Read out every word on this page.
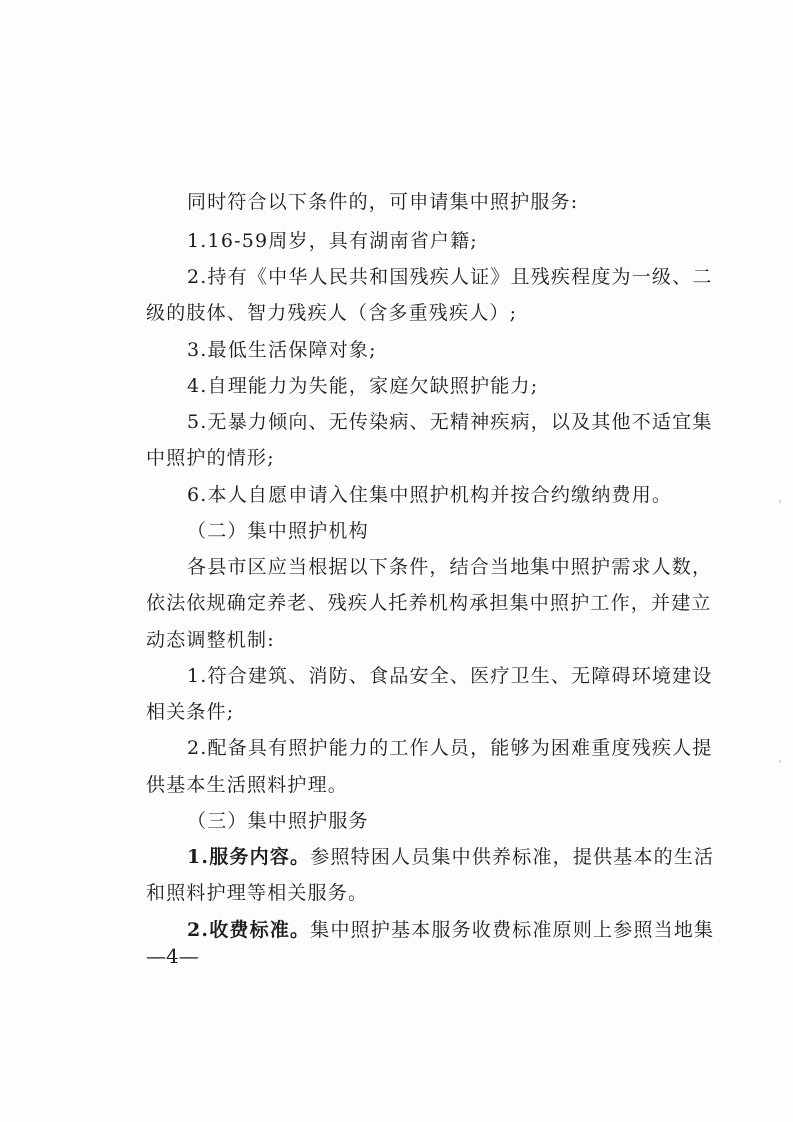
同时符合以下条件的，可申请集中照护服务:
1.16-59周岁，具有湖南省户籍;
2.持有《中华人民共和国残疾人证》且残疾程度为一级、二
级的肢体、智力残疾人（含多重残疾人）;
3.最低生活保障对象;
4.自理能力为失能，家庭欠缺照护能力;
5.无暴力倾向、无传染病、无精神疾病，以及其他不适宜集
中照护的情形;
6.本人自愿申请入住集中照护机构并按合约缴纳费用。
（二）集中照护机构
各县市区应当根据以下条件，结合当地集中照护需求人数，
依法依规确定养老、残疾人托养机构承担集中照护工作，并建立
动态调整机制:
1.符合建筑、消防、食品安全、医疗卫生、无障碍环境建设
相关条件;
2.配备具有照护能力的工作人员，能够为困难重度残疾人提
供基本生活照料护理。
（三）集中照护服务
1.服务内容。参照特困人员集中供养标准，提供基本的生活
和照料护理等相关服务。
2.收费标准。集中照护基本服务收费标准原则上参照当地集
—4—
